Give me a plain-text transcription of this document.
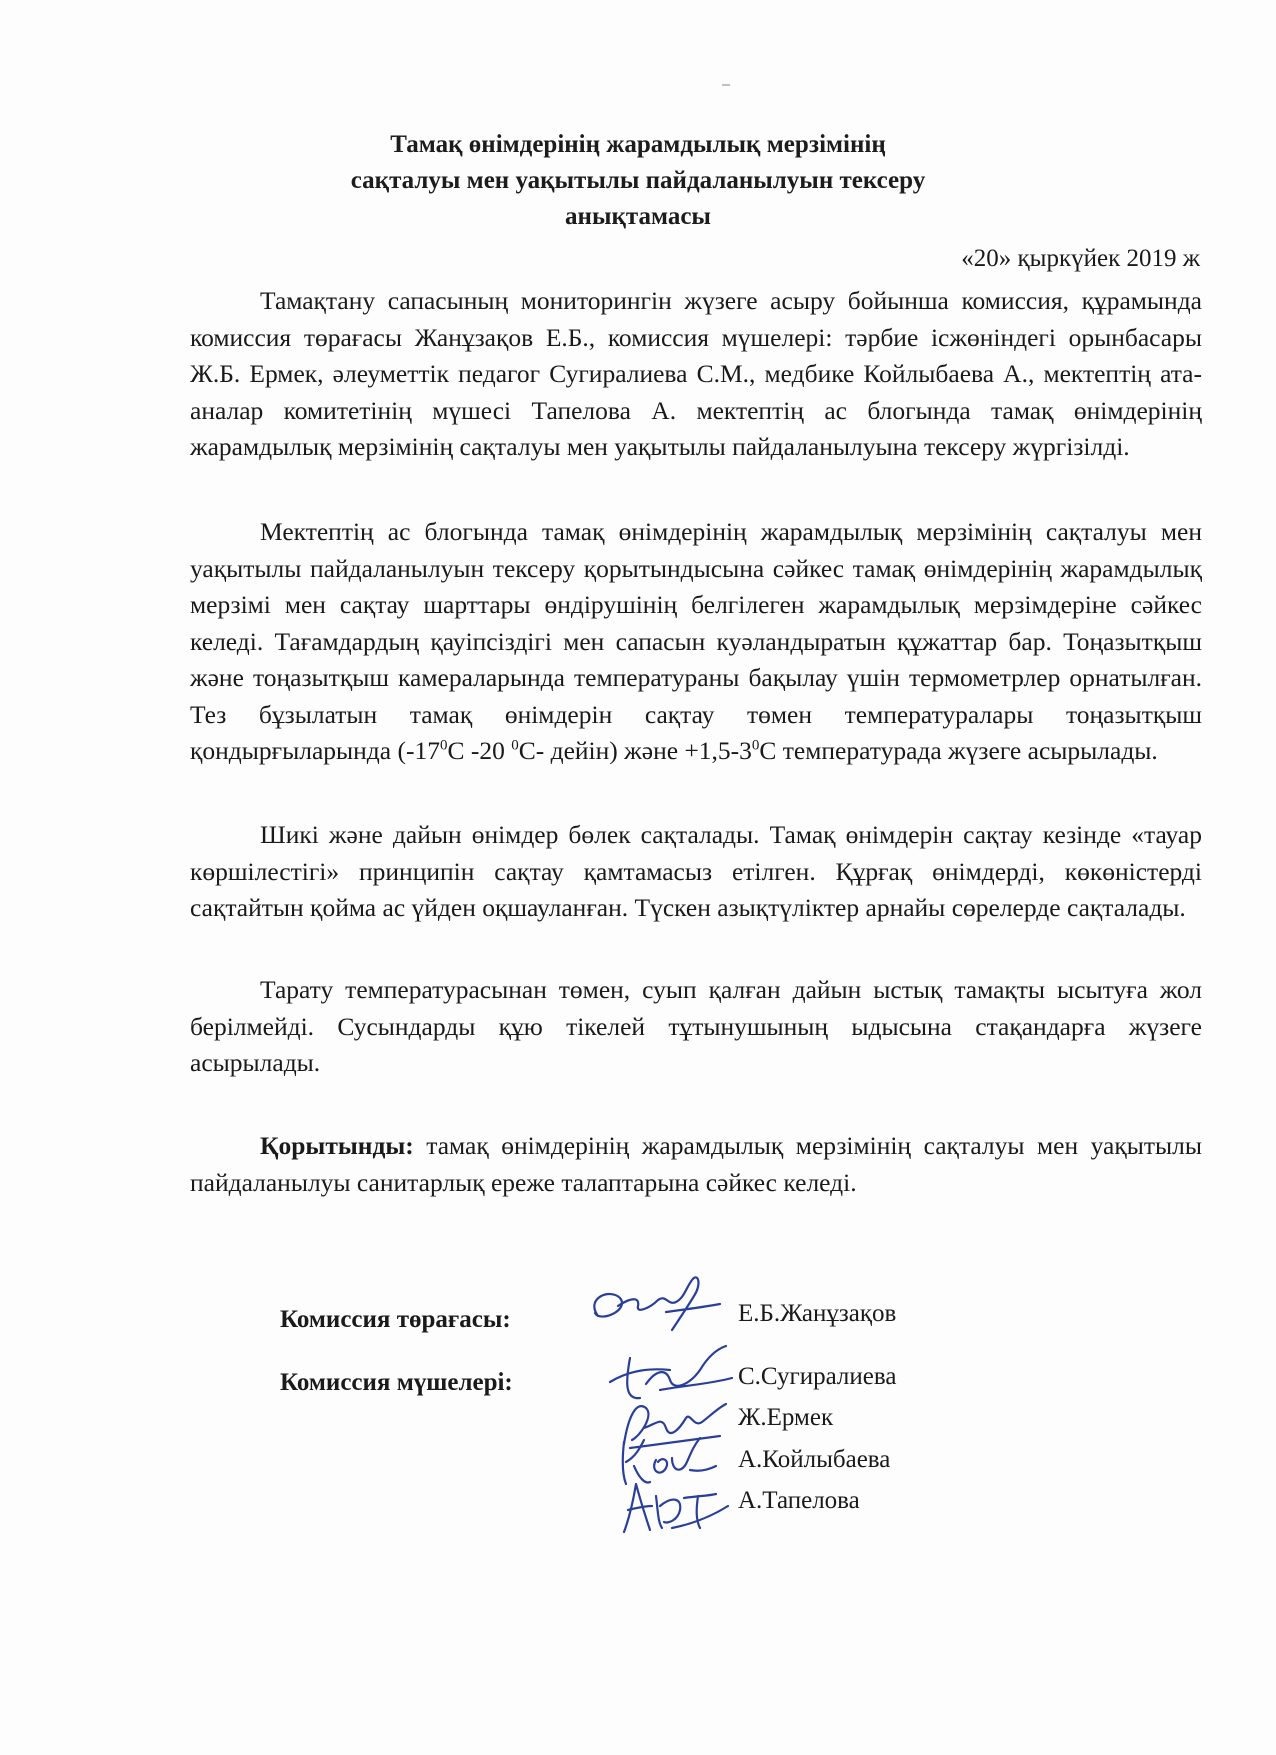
Тамақ өнімдерінің жарамдылық мерзімінің
сақталуы мен уақытылы пайдаланылуын тексеру
анықтамасы
«20» қыркүйек 2019 ж

Тамақтану сапасының мониторингін жүзеге асыру бойынша комиссия, құрамында комиссия төрағасы Жанұзақов Е.Б., комиссия мүшелері: тәрбие ісжөніндегі орынбасары Ж.Б. Ермек, әлеуметтік педагог Сугиралиева С.М., медбике Койлыбаева А., мектептің ата-аналар комитетінің мүшесі Тапелова А. мектептің ас блогында тамақ өнімдерінің жарамдылық мерзімінің сақталуы мен уақытылы пайдаланылуына тексеру жүргізілді.

Мектептің ас блогында тамақ өнімдерінің жарамдылық мерзімінің сақталуы мен уақытылы пайдаланылуын тексеру қорытындысына сәйкес тамақ өнімдерінің жарамдылық мерзімі мен сақтау шарттары өндірушінің белгілеген жарамдылық мерзімдеріне сәйкес келеді. Тағамдардың қауіпсіздігі мен сапасын куәландыратын құжаттар бар. Тоңазытқыш және тоңазытқыш камераларында температураны бақылау үшін термометрлер орнатылған. Тез бұзылатын тамақ өнімдерін сақтау төмен температуралары тоңазытқыш қондырғыларында ($-17^0С$ -20 $^0$С- дейін) және $+1,5-3^0С$ температурада жүзеге асырылады.

Шикі және дайын өнімдер бөлек сақталады. Тамақ өнімдерін сақтау кезінде «тауар көршілестігі» принципін сақтау қамтамасыз етілген. Құрғақ өнімдерді, көкөністерді сақтайтын қойма ас үйден оқшауланған. Түскен азықтүліктер арнайы сөрелерде сақталады.

Тарату температурасынан төмен, суып қалған дайын ыстық тамақты ысытуға жол берілмейді. Сусындарды құю тікелей тұтынушының ыдысына стақандарға жүзеге асырылады.

Қорытынды: тамақ өнімдерінің жарамдылық мерзімінің сақталуы мен уақытылы пайдаланылуы санитарлық ереже талаптарына сәйкес келеді.

Комиссия төрағасы:	Е.Б.Жанұзақов
Комиссия мүшелері:	С.Сугиралиева
Ж.Ермек
А.Койлыбаева
А.Тапелова
